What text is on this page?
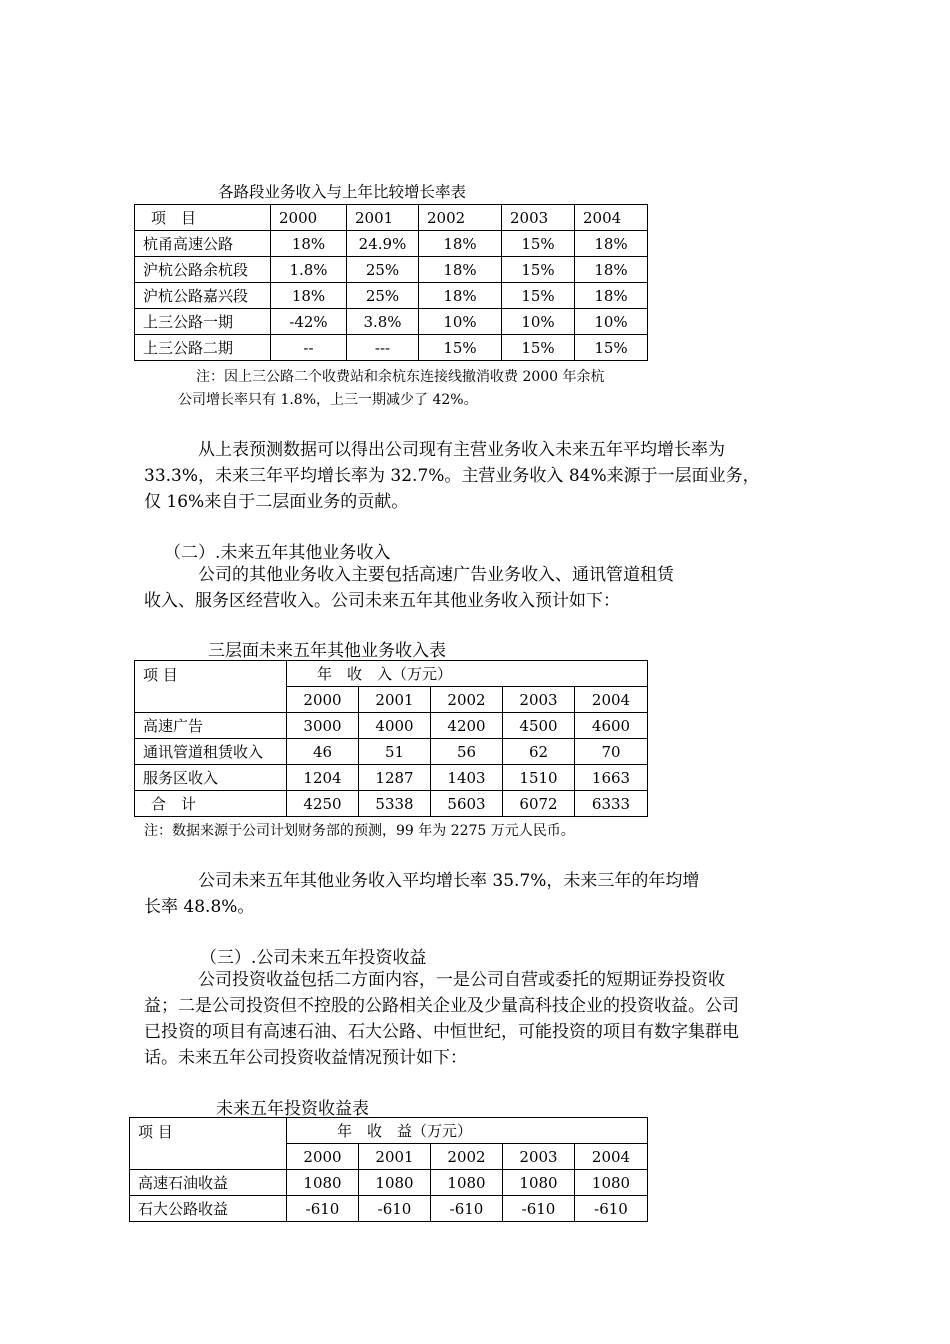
各路段业务收入与上年比较增长率表
项　目	2000	2001	2002	2003	2004
杭甬高速公路	18%	24.9%	18%	15%	18%
沪杭公路余杭段	1.8%	25%	18%	15%	18%
沪杭公路嘉兴段	18%	25%	18%	15%	18%
上三公路一期	-42%	3.8%	10%	10%	10%
上三公路二期	--	---	15%	15%	15%
注：因上三公路二个收费站和余杭东连接线撤消收费 2000 年余杭
公司增长率只有 1.8%，上三一期减少了 42%。
从上表预测数据可以得出公司现有主营业务收入未来五年平均增长率为
33.3%，未来三年平均增长率为 32.7%。主营业务收入 84%来源于一层面业务，
仅 16%来自于二层面业务的贡献。
（二）.未来五年其他业务收入
公司的其他业务收入主要包括高速广告业务收入、通讯管道租赁
收入、服务区经营收入。公司未来五年其他业务收入预计如下：
三层面未来五年其他业务收入表
项 目	年　收　入（万元）				
	2000	2001	2002	2003	2004
高速广告	3000	4000	4200	4500	4600
通讯管道租赁收入	46	51	56	62	70
服务区收入	1204	1287	1403	1510	1663
合　计	4250	5338	5603	6072	6333
注：数据来源于公司计划财务部的预测，99 年为 2275 万元人民币。
公司未来五年其他业务收入平均增长率 35.7%，未来三年的年均增
长率 48.8%。
（三）.公司未来五年投资收益
公司投资收益包括二方面内容，一是公司自营或委托的短期证券投资收
益；二是公司投资但不控股的公路相关企业及少量高科技企业的投资收益。公司
已投资的项目有高速石油、石大公路、中恒世纪，可能投资的项目有数字集群电
话。未来五年公司投资收益情况预计如下：
未来五年投资收益表
项 目	年　收　益（万元）				
	2000	2001	2002	2003	2004
高速石油收益	1080	1080	1080	1080	1080
石大公路收益	-610	-610	-610	-610	-610
